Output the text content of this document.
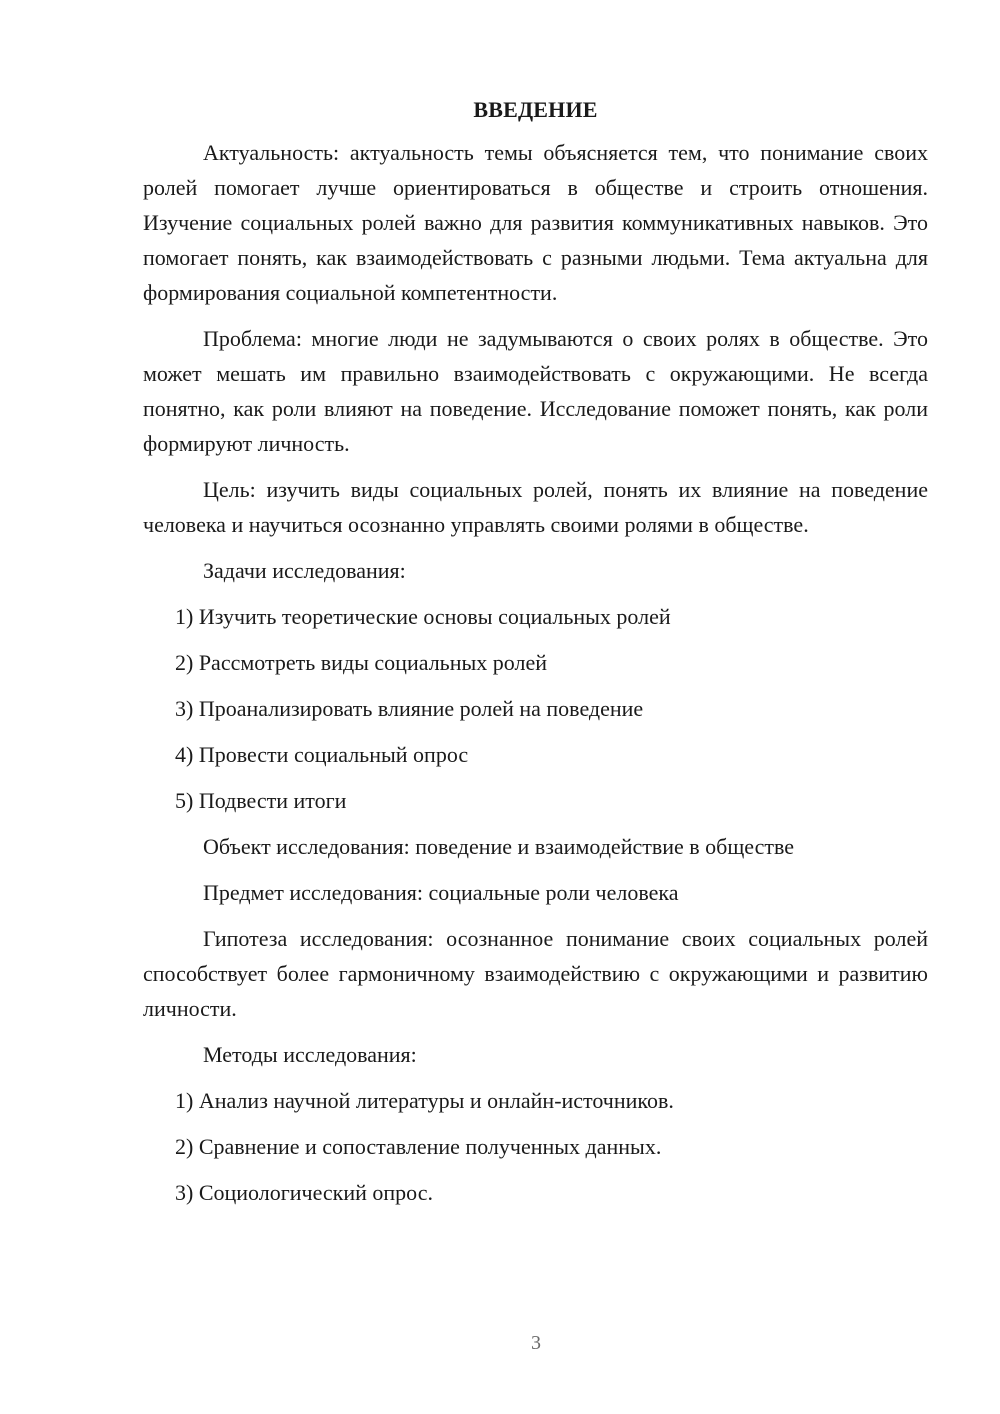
ВВЕДЕНИЕ

Актуальность: актуальность темы объясняется тем, что понимание своих ролей помогает лучше ориентироваться в обществе и строить отношения. Изучение социальных ролей важно для развития коммуникативных навыков. Это помогает понять, как взаимодействовать с разными людьми. Тема актуальна для формирования социальной компетентности.

Проблема: многие люди не задумываются о своих ролях в обществе. Это может мешать им правильно взаимодействовать с окружающими. Не всегда понятно, как роли влияют на поведение. Исследование поможет понять, как роли формируют личность.

Цель: изучить виды социальных ролей, понять их влияние на поведение человека и научиться осознанно управлять своими ролями в обществе.

Задачи исследования:

1) Изучить теоретические основы социальных ролей

2) Рассмотреть виды социальных ролей

3) Проанализировать влияние ролей на поведение

4) Провести социальный опрос

5) Подвести итоги

Объект исследования: поведение и взаимодействие в обществе

Предмет исследования: социальные роли человека

Гипотеза исследования: осознанное понимание своих социальных ролей способствует более гармоничному взаимодействию с окружающими и развитию личности.

Методы исследования:

1) Анализ научной литературы и онлайн-источников.

2) Сравнение и сопоставление полученных данных.

3) Социологический опрос.

3
